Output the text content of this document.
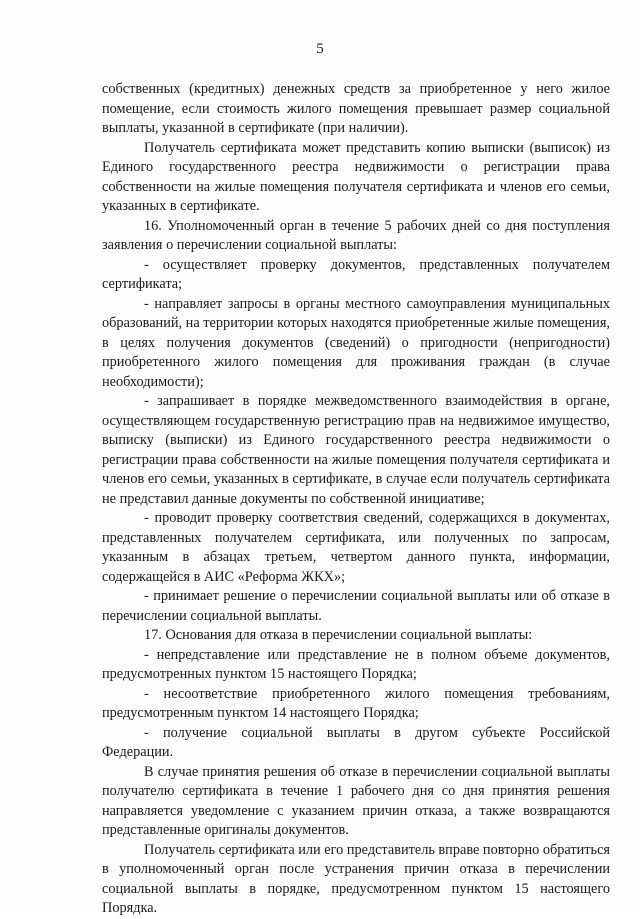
5

собственных (кредитных) денежных средств за приобретенное у него жилое помещение, если стоимость жилого помещения превышает размер социальной выплаты, указанной в сертификате (при наличии).

Получатель сертификата может представить копию выписки (выписок) из Единого государственного реестра недвижимости о регистрации права собственности на жилые помещения получателя сертификата и членов его семьи, указанных в сертификате.

16. Уполномоченный орган в течение 5 рабочих дней со дня поступления заявления о перечислении социальной выплаты:

- осуществляет проверку документов, представленных получателем сертификата;

- направляет запросы в органы местного самоуправления муниципальных образований, на территории которых находятся приобретенные жилые помещения, в целях получения документов (сведений) о пригодности (непригодности) приобретенного жилого помещения для проживания граждан (в случае необходимости);

- запрашивает в порядке межведомственного взаимодействия в органе, осуществляющем государственную регистрацию прав на недвижимое имущество, выписку (выписки) из Единого государственного реестра недвижимости о регистрации права собственности на жилые помещения получателя сертификата и членов его семьи, указанных в сертификате, в случае если получатель сертификата не представил данные документы по собственной инициативе;

- проводит проверку соответствия сведений, содержащихся в документах, представленных получателем сертификата, или полученных по запросам, указанным в абзацах третьем, четвертом данного пункта, информации, содержащейся в АИС «Реформа ЖКХ»;

- принимает решение о перечислении социальной выплаты или об отказе в перечислении социальной выплаты.

17. Основания для отказа в перечислении социальной выплаты:

- непредставление или представление не в полном объеме документов, предусмотренных пунктом 15 настоящего Порядка;

- несоответствие приобретенного жилого помещения требованиям, предусмотренным пунктом 14 настоящего Порядка;

- получение социальной выплаты в другом субъекте Российской Федерации.

В случае принятия решения об отказе в перечислении социальной выплаты получателю сертификата в течение 1 рабочего дня со дня принятия решения направляется уведомление с указанием причин отказа, а также возвращаются представленные оригиналы документов.

Получатель сертификата или его представитель вправе повторно обратиться в уполномоченный орган после устранения причин отказа в перечислении социальной выплаты в порядке, предусмотренном пунктом 15 настоящего Порядка.
